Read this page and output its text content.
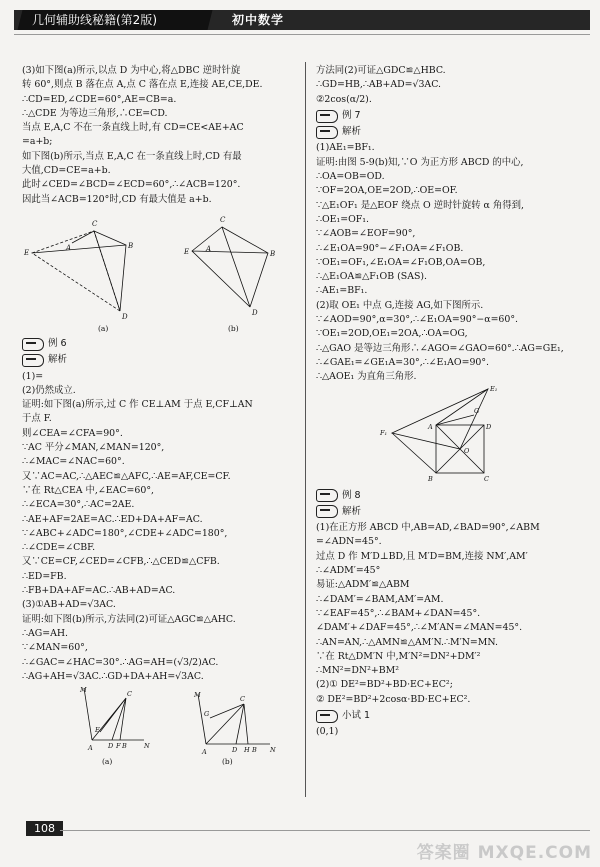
几何辅助线秘籍(第2版)	初中数学
(3)如下图(a)所示,以点 D 为中心,将△DBC 逆时针旋
转 60°,则点 B 落在点 A,点 C 落在点 E,连接 AE,CE,DE.
∴CD=ED,∠CDE=60°,AE=CB=a.
∴△CDE 为等边三角形,∴CE=CD.
当点 E,A,C 不在一条直线上时,有 CD=CE<AE+AC
=a+b;
如下图(b)所示,当点 E,A,C 在一条直线上时,CD 有最
大值,CD=CE=a+b.
此时∠CED=∠BCD=∠ECD=60°,∴∠ACB=120°.
因此当∠ACB=120°时,CD 有最大值是 a+b.
E
A
C
B
D
E A
C
B
D
(a)	(b)
例 6
解析
(1)=
(2)仍然成立.
证明:如下图(a)所示,过 C 作 CE⊥AM 于点 E,CF⊥AN
于点 F.
则∠CEA=∠CFA=90°.
∵AC 平分∠MAN,∠MAN=120°,
∴∠MAC=∠NAC=60°.
又∵AC=AC,∴△AEC≌△AFC,∴AE=AF,CE=CF.
∵在 Rt△CEA 中,∠EAC=60°,
∴∠ECA=30°,∴AC=2AE.
∴AE+AF=2AE=AC.∴ED+DA+AF=AC.
∵∠ABC+∠ADC=180°,∠CDE+∠ADC=180°,
∴∠CDE=∠CBF.
又∵CE=CF,∠CED=∠CFB,∴△CED≌△CFB.
∴ED=FB.
∴FB+DA+AF=AC.∴AB+AD=AC.
(3)①AB+AD=√3AC.
证明:如下图(b)所示,方法同(2)可证△AGC≌△AHC.
∴AG=AH.
∵∠MAN=60°,
∴∠GAC=∠HAC=30°.∴AG=AH=(√3/2)AC.
∴AG+AH=√3AC.∴GD+DA+AH=√3AC.
M
A
E
C
D F B	N
M
A
G
C
D H B N
(a)	(b)
方法同(2)可证△GDC≌△HBC.
∴GD=HB,∴AB+AD=√3AC.
②2cos(α/2).
例 7
解析
(1)AE₁=BF₁.
证明:由图 5-9(b)知,∵O 为正方形 ABCD 的中心,
∴OA=OB=OD.
∵OF=2OA,OE=2OD,∴OE=OF.
∵△E₁OF₁ 是△EOF 绕点 O 逆时针旋转 α 角得到,
∴OE₁=OF₁.
∵∠AOB=∠EOF=90°,
∴∠E₁OA=90°−∠F₁OA=∠F₁OB.
∵OE₁=OF₁,∠E₁OA=∠F₁OB,OA=OB,
∴△E₁OA≌△F₁OB (SAS).
∴AE₁=BF₁.
(2)取 OE₁ 中点 G,连接 AG,如下图所示.
∵∠AOD=90°,α=30°,∴∠E₁OA=90°−α=60°.
∵OE₁=2OD,OE₁=2OA,∴OA=OG,
∴△GAO 是等边三角形∴∠AGO=∠GAO=60°.∴AG=GE₁,
∴∠GAE₁=∠GE₁A=30°,∴∠E₁AO=90°.
∴△AOE₁ 为直角三角形.
E₁
F₁
A	D
B	C
G
O
例 8
解析
(1)在正方形 ABCD 中,AB=AD,∠BAD=90°,∠ABM
=∠ADN=45°.
过点 D 作 M′D⊥BD,且 M′D=BM,连接 NM′,AM′
∴∠ADM′=45°
易证:△ADM′≌△ABM
∴∠DAM′=∠BAM,AM′=AM.
∵∠EAF=45°,∴∠BAM+∠DAN=45°.
∠DAM′+∠DAF=45°,∴∠M′AN=∠MAN=45°.
∴AN=AN,∴△AMN≌△AM′N.∴M′N=MN.
∵在 Rt△DM′N 中,M′N²=DN²+DM′²
∴MN²=DN²+BM²
(2)① DE²=BD²+BD·EC+EC²;
② DE²=BD²+2cosα·BD·EC+EC².
小试 1
(0,1)
108
答案圈 MXQE.COM
